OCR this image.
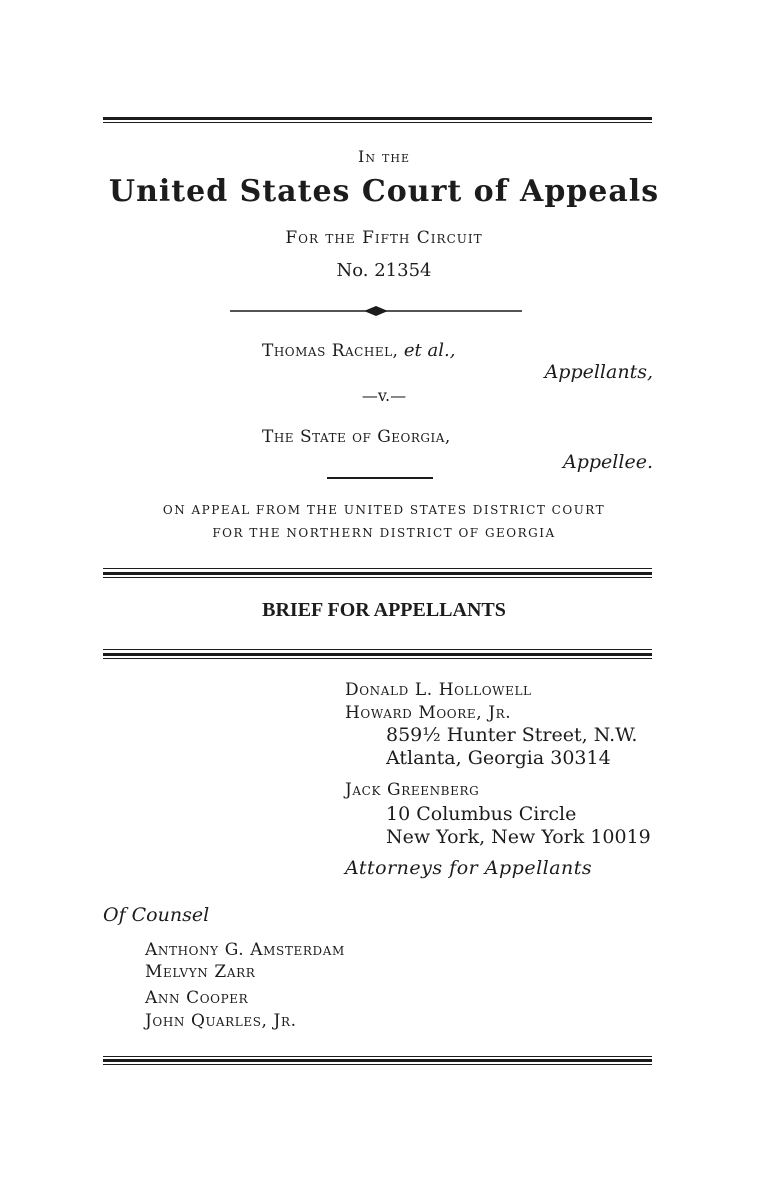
In the
United States Court of Appeals
For the Fifth Circuit
No. 21354
Thomas Rachel, et al.,
Appellants,
—v.—
The State of Georgia,
Appellee.
ON APPEAL FROM THE UNITED STATES DISTRICT COURT
FOR THE NORTHERN DISTRICT OF GEORGIA
BRIEF FOR APPELLANTS
Donald L. Hollowell
Howard Moore, Jr.
859½ Hunter Street, N.W.
Atlanta, Georgia 30314
Jack Greenberg
10 Columbus Circle
New York, New York 10019
Attorneys for Appellants
Of Counsel
Anthony G. Amsterdam
Melvyn Zarr
Ann Cooper
John Quarles, Jr.
